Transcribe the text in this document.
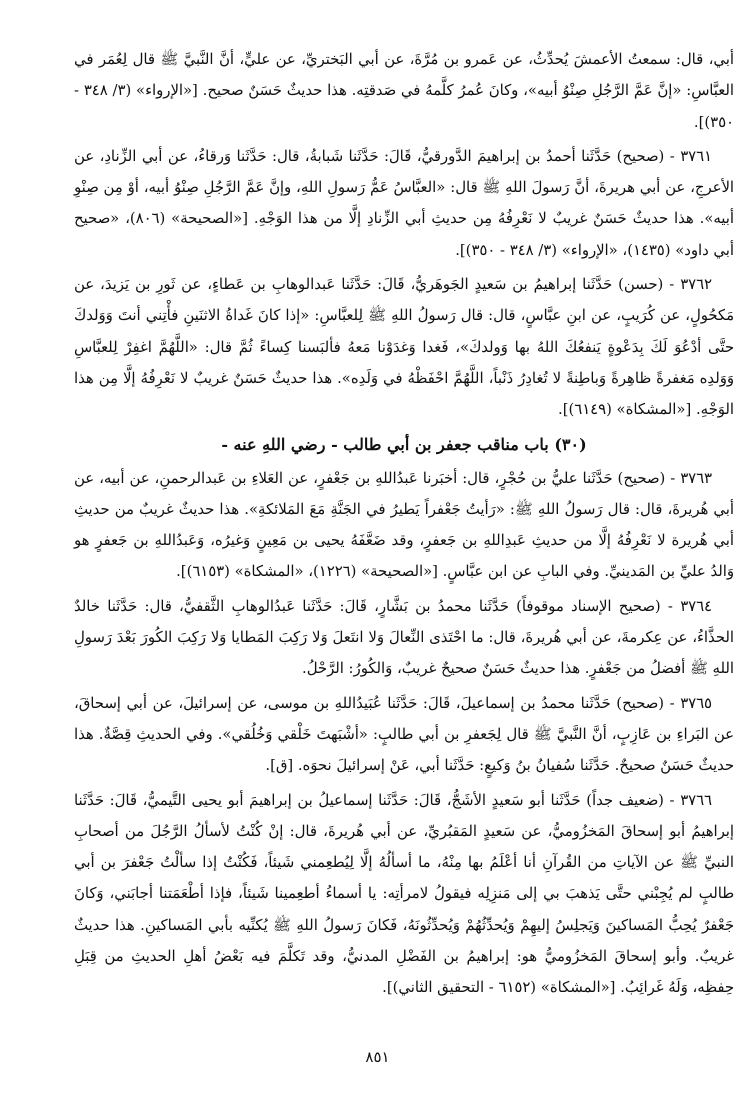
أبي، قال: سمعتُ الأعمشَ يُحدِّثُ، عن عَمرو بن مُرَّةَ، عن أبي البَختريِّ، عن عليٍّ، أنَّ النَّبيَّ ﷺ قال لِعُمَر في العبَّاسِ: «إنَّ عَمَّ الرَّجُلِ صِنْوُ أبيه»، وكانَ عُمرُ كلَّمهُ في صَدقتِه. هذا حديثٌ حَسَنٌ صحيح. [«الإرواء» (٣/ ٣٤٨ - ٣٥٠)].

٣٧٦١ - (صحيح) حَدَّثَنا أحمدُ بن إبراهيمَ الدَّورقيُّ، قَالَ: حَدَّثَنا شَبابةُ، قال: حَدَّثَنا وَرقاءُ، عن أبي الزِّنادِ، عن الأعرجِ، عن أبي هريرةَ، أنَّ رَسولَ اللهِ ﷺ قال: «العبَّاسُ عَمُّ رَسولِ اللهِ، وإنَّ عَمَّ الرَّجُلِ صِنْوُ أبيه، أوْ مِن صِنْوِ أبيه». هذا حديثٌ حَسَنٌ غريبٌ لا نَعْرِفُهُ مِن حديثِ أبي الزِّنادِ إلَّا من هذا الوَجْهِ. [«الصحيحة» (٨٠٦)، «صحيح أبي داود» (١٤٣٥)، «الإرواء» (٣/ ٣٤٨ - ٣٥٠)].

٣٧٦٢ - (حسن) حَدَّثَنا إبراهيمُ بن سَعيدٍ الجَوهَريُّ، قَالَ: حَدَّثَنا عَبدالوهابِ بن عَطاءٍ، عن ثَورِ بن يَزيدَ، عن مَكحُولٍ، عن كُرَيبٍ، عن ابنِ عبَّاسٍ، قال: قال رَسولُ اللهِ ﷺ لِلعبَّاسِ: «إذا كانَ غَداةُ الاثنَينِ فأْتِني أنتَ وَوَلدكَ حتَّى أدْعُوَ لَكَ بِدَعْوةٍ يَنفعُكَ اللهُ بها وَولدكَ»، فَغدا وَغدَوْنا مَعهُ فألبَسنا كِساءً ثُمَّ قال: «اللَّهُمَّ اغفِرْ لِلعبَّاسِ وَوَلدِه مَغفرةً ظاهِرةً وَباطِنةً لا تُغادِرُ ذَنْباً، اللَّهُمَّ احْفَظْهُ في وَلَدِه». هذا حديثٌ حَسَنٌ غريبٌ لا نَعْرِفُهُ إلَّا مِن هذا الوَجْهِ. [«المشكاة» (٦١٤٩)].

(٣٠) باب مناقب جعفر بن أبي طالب - رضي اللهِ عنه -

٣٧٦٣ - (صحيح) حَدَّثَنا عليُّ بن حُجْرٍ، قال: أخبَرنا عَبدُاللهِ بن جَعْفرٍ، عن العَلاءِ بن عَبدالرحمنِ، عن أبيه، عن أبي هُريرةَ، قال: قال رَسولُ اللهِ ﷺ: «رَأيتُ جَعْفراً يَطيرُ في الجَنَّةِ مَعَ المَلائكةِ». هذا حديثٌ غريبٌ من حديثِ أبي هُريرة لا نَعْرِفُهُ إلَّا من حديثِ عَبدِاللهِ بن جَعفرٍ، وقد ضَعَّفَهُ يحيى بن مَعِينٍ وَغيرُه، وَعَبدُاللهِ بن جَعفرٍ هو وَالدُ عليِّ بن المَدينيِّ. وفي البابِ عن ابن عبَّاسٍ. [«الصحيحة» (١٢٢٦)، «المشكاة» (٦١٥٣)].

٣٧٦٤ - (صحيح الإسناد موقوفاً) حَدَّثَنا محمدُ بن بَشَّارٍ، قَالَ: حَدَّثَنا عَبدُالوهابِ الثَّقفيُّ، قال: حَدَّثَنا خالدٌ الحذَّاءُ، عن عِكرمةَ، عن أبي هُريرةَ، قال: ما احْتَذى النِّعالَ وَلا انتَعلَ وَلا رَكِبَ المَطايا وَلا رَكِبَ الكُورَ بَعْدَ رَسولِ اللهِ ﷺ أفضلُ من جَعْفرٍ. هذا حديثٌ حَسَنٌ صحيحٌ غريبٌ، وَالكُورُ: الرَّحْلُ.

٣٧٦٥ - (صحيح) حَدَّثَنا محمدُ بن إسماعيلَ، قَالَ: حَدَّثَنا عُبَيدُاللهِ بن موسى، عن إسرائيلَ، عن أبي إسحاقَ، عن البَراءِ بن عَازِبٍ، أنَّ النَّبيَّ ﷺ قال لِجَعفرِ بن أبي طالبٍ: «أشْبَهتَ خَلْقي وَخُلُقي». وفي الحديثِ قِصَّةٌ. هذا حديثٌ حَسَنٌ صحيحٌ. حَدَّثَنا سُفيانُ بنُ وَكيعٍ: حَدَّثَنا أبي، عَنْ إسرائيلَ نحوَه. [ق].

٣٧٦٦ - (ضعيف جداً) حَدَّثَنا أبو سَعيدٍ الأشَجُّ، قَالَ: حَدَّثَنا إسماعيلُ بن إبراهيمَ أبو يحيى التَّيميُّ، قَالَ: حَدَّثَنا إبراهيمُ أبو إسحاقَ المَخزُوميُّ، عن سَعيدٍ المَقبُريِّ، عن أبي هُريرةَ، قال: إنْ كُنْتُ لأسألُ الرَّجُلَ من أصحابِ النبيِّ ﷺ عن الآياتِ من القُرآنِ أنا أعْلَمُ بها مِنْهُ، ما أسألُهُ إلَّا لِيُطعِمني شَيئاً، فَكُنْتُ إذا سألْتُ جَعْفرَ بن أبي طالبٍ لم يُجِبْني حتَّى يَذهبَ بي إلى مَنزِلِه فيقولُ لامرأتِه: يا أسماءُ أطعِمينا شَيئاً، فإذا أطْعَمَتنا أجابَني، وَكانَ جَعْفرٌ يُحِبُّ المَساكينَ وَيَجلِسُ إليهِمْ وَيُحدِّثُهُمْ وَيُحدِّثُونَهُ، فَكانَ رَسولُ اللهِ ﷺ يُكنِّيه بأبي المَساكينِ. هذا حديثٌ غريبٌ. وأبو إسحاقَ المَخزُوميُّ هو: إبراهيمُ بن الفَضْلِ المدنيُّ، وقد تَكلَّمَ فيه بَعْضُ أهلِ الحديثِ من قِبَلِ حِفظِه، وَلَهُ غَرائِبُ. [«المشكاة» (٦١٥٢ - التحقيق الثاني)].

٨٥١
